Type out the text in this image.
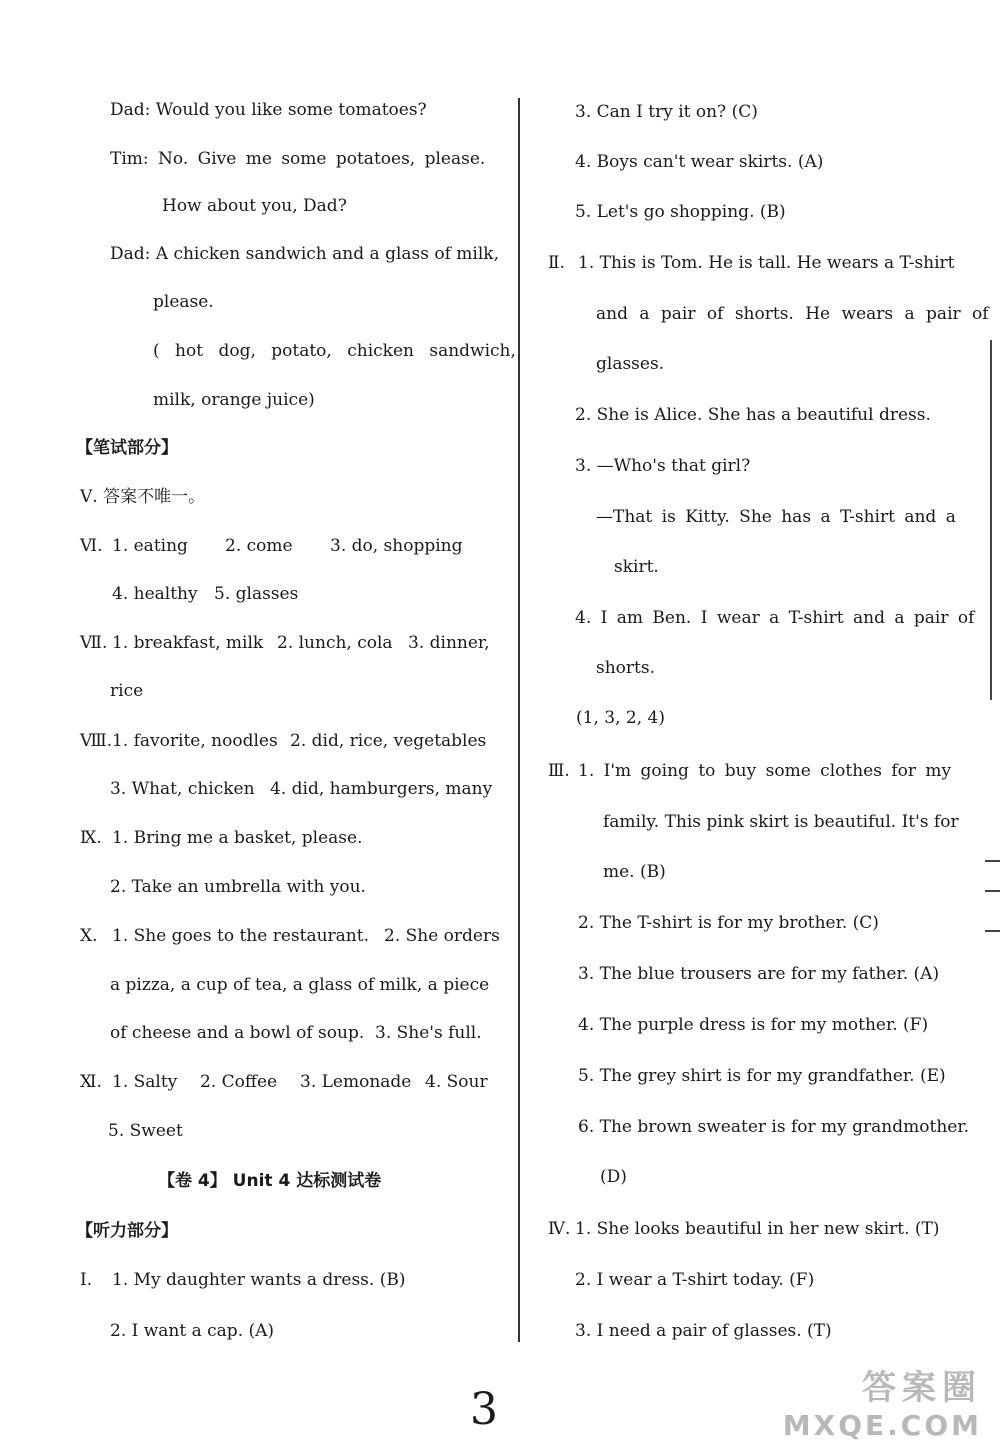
Dad: Would you like some tomatoes?
Tim: No. Give me some potatoes, please.
How about you, Dad?
Dad: A chicken sandwich and a glass of milk,
please.
( hot dog, potato, chicken sandwich,
milk, orange juice)
【笔试部分】
Ⅴ. 答案不唯一。
Ⅵ. 1. eating 2. come 3. do, shopping
4. healthy 5. glasses
Ⅶ. 1. breakfast, milk 2. lunch, cola 3. dinner,
rice
Ⅷ. 1. favorite, noodles 2. did, rice, vegetables
3. What, chicken 4. did, hamburgers, many
Ⅸ. 1. Bring me a basket, please.
2. Take an umbrella with you.
Ⅹ. 1. She goes to the restaurant. 2. She orders
a pizza, a cup of tea, a glass of milk, a piece
of cheese and a bowl of soup. 3. She's full.
Ⅺ. 1. Salty 2. Coffee 3. Lemonade 4. Sour
5. Sweet
【卷 4】 Unit 4 达标测试卷
【听力部分】
Ⅰ. 1. My daughter wants a dress. (B)
2. I want a cap. (A)
3. Can I try it on? (C)
4. Boys can't wear skirts. (A)
5. Let's go shopping. (B)
Ⅱ. 1. This is Tom. He is tall. He wears a T-shirt
and a pair of shorts. He wears a pair of
glasses.
2. She is Alice. She has a beautiful dress.
3. —Who's that girl?
—That is Kitty. She has a T-shirt and a
skirt.
4. I am Ben. I wear a T-shirt and a pair of
shorts.
(1, 3, 2, 4)
Ⅲ. 1. I'm going to buy some clothes for my
family. This pink skirt is beautiful. It's for
me. (B)
2. The T-shirt is for my brother. (C)
3. The blue trousers are for my father. (A)
4. The purple dress is for my mother. (F)
5. The grey shirt is for my grandfather. (E)
6. The brown sweater is for my grandmother.
(D)
Ⅳ. 1. She looks beautiful in her new skirt. (T)
2. I wear a T-shirt today. (F)
3. I need a pair of glasses. (T)
3	答案圈
MXQE.COM
